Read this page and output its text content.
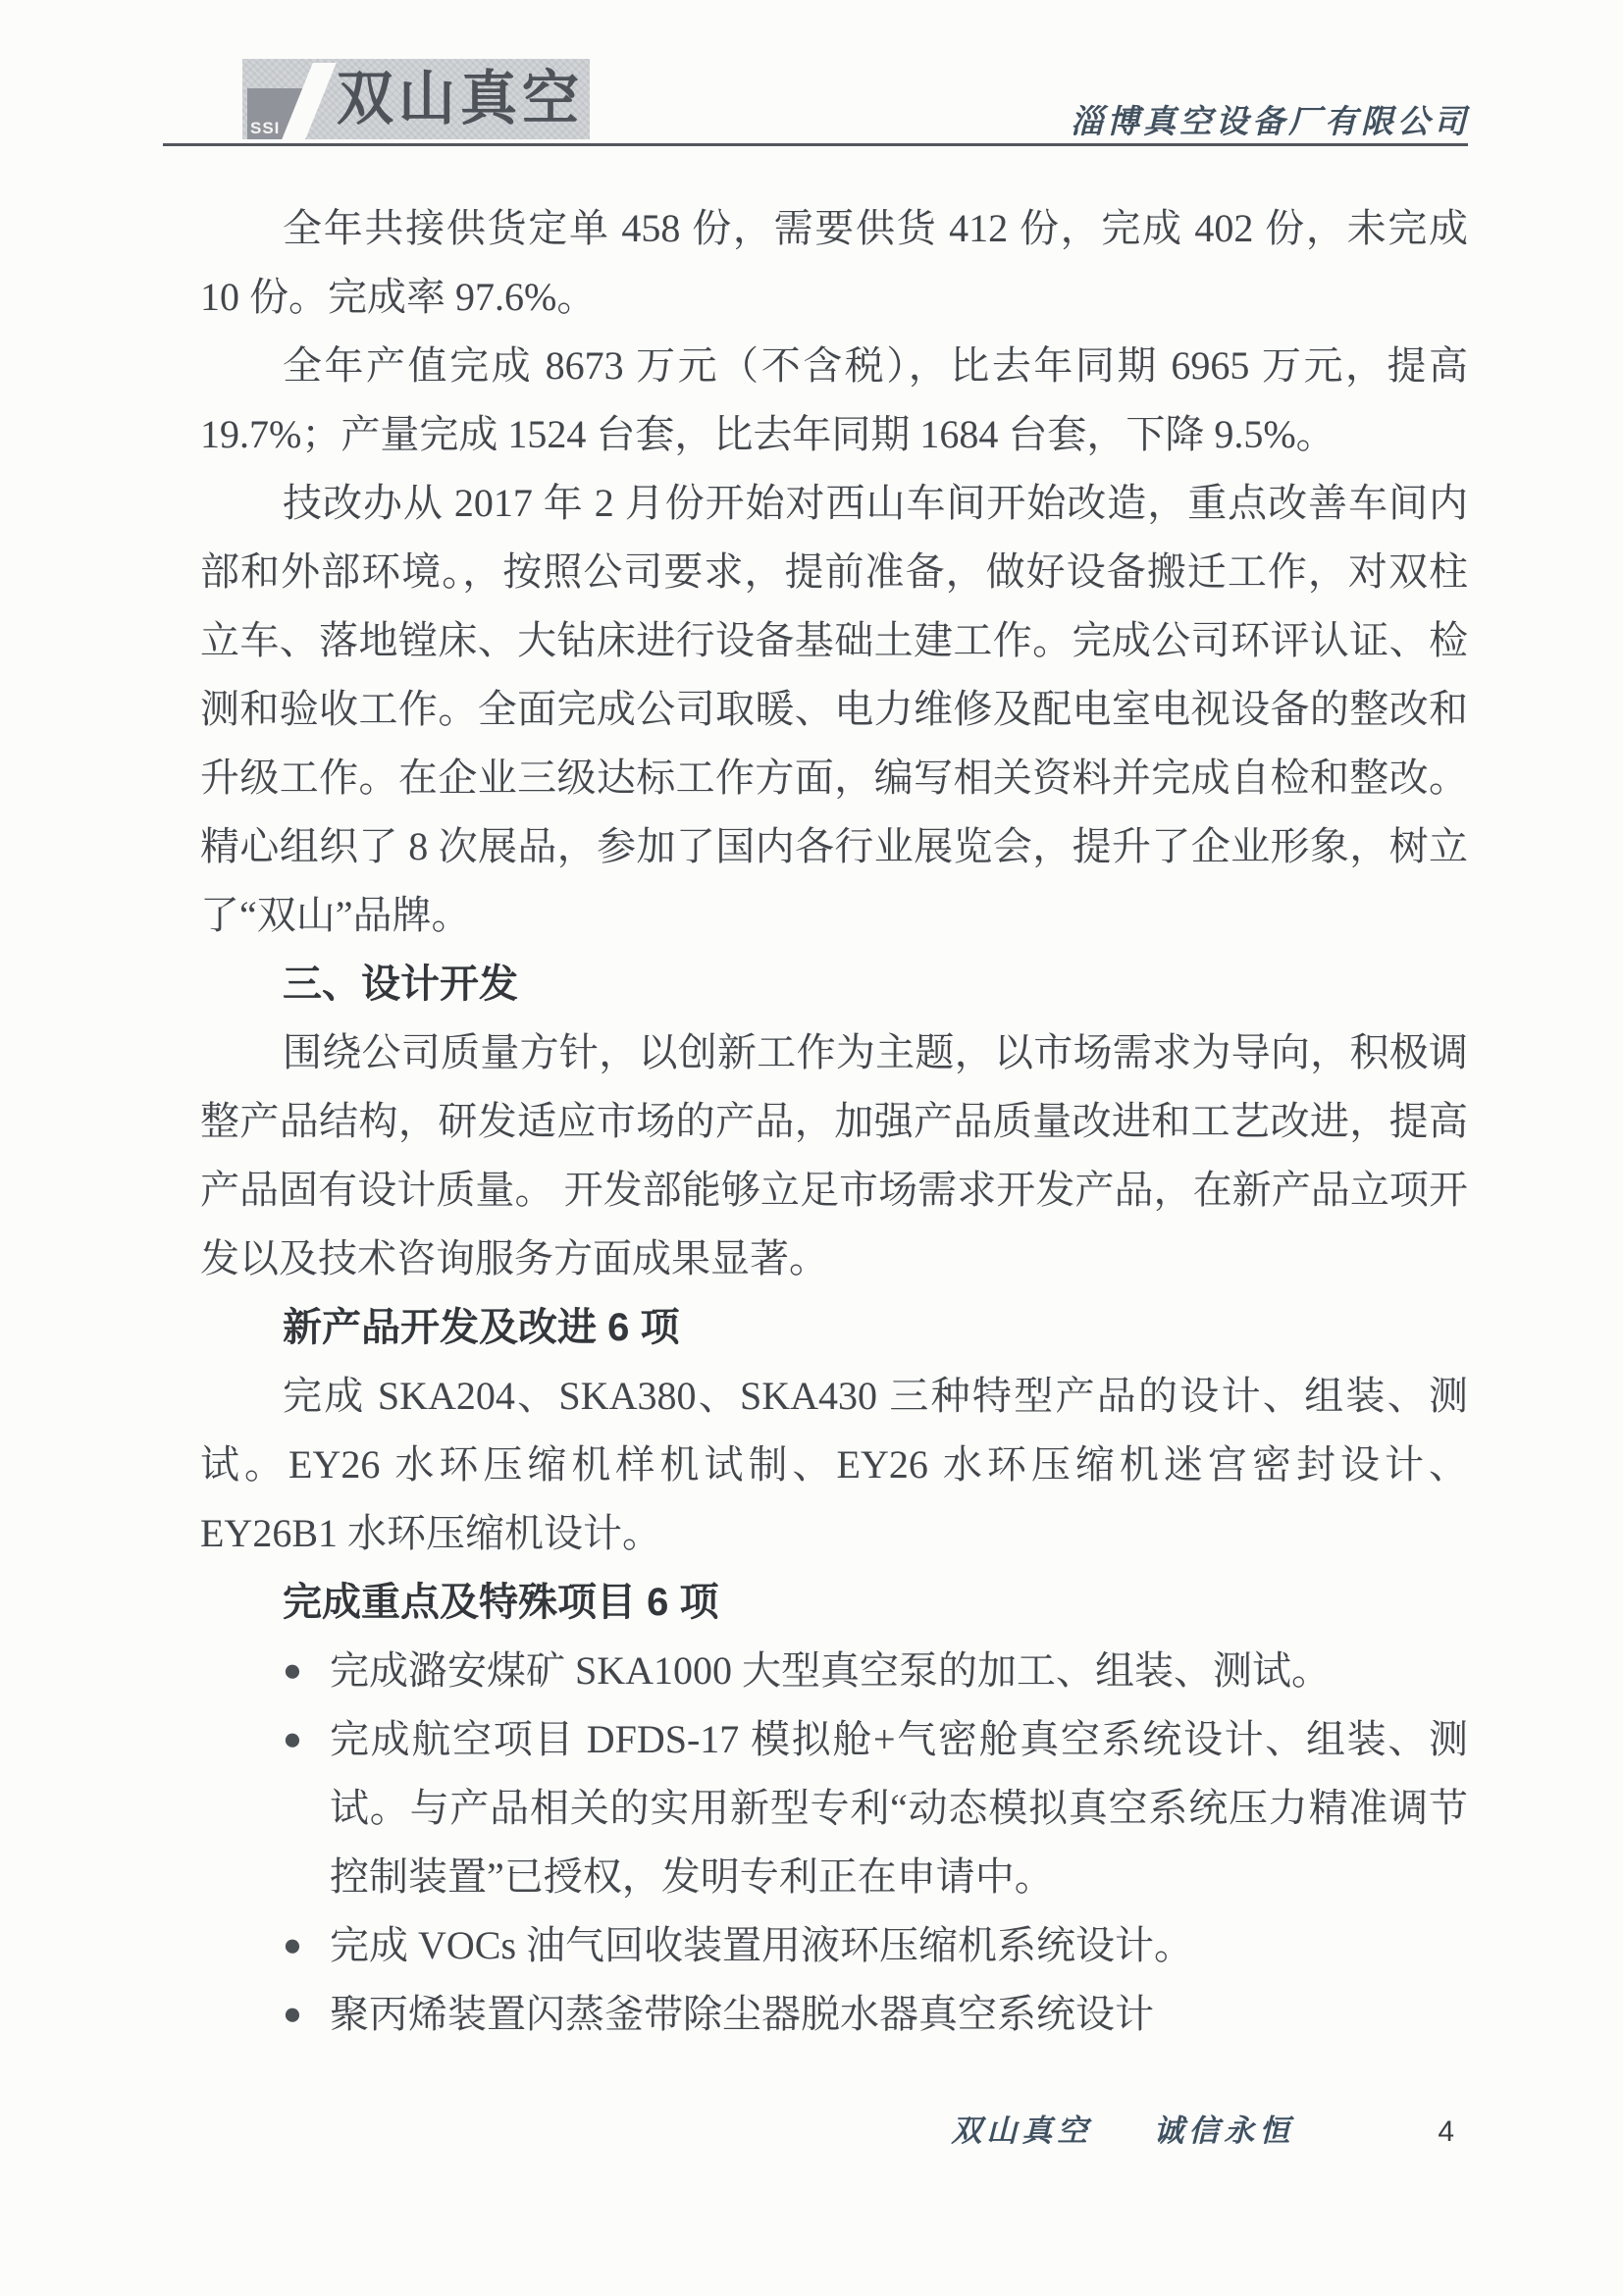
SSI 双山真空	淄博真空设备厂有限公司

全年共接供货定单 458 份，需要供货 412 份，完成 402 份，未完成 10 份。完成率 97.6%。

全年产值完成 8673 万元（不含税），比去年同期 6965 万元，提高 19.7%；产量完成 1524 台套，比去年同期 1684 台套，下降 9.5%。

技改办从 2017 年 2 月份开始对西山车间开始改造，重点改善车间内部和外部环境。，按照公司要求，提前准备，做好设备搬迁工作，对双柱立车、落地镗床、大钻床进行设备基础土建工作。完成公司环评认证、检测和验收工作。全面完成公司取暖、电力维修及配电室电视设备的整改和升级工作。在企业三级达标工作方面，编写相关资料并完成自检和整改。精心组织了 8 次展品，参加了国内各行业展览会，提升了企业形象，树立了“双山”品牌。

三、设计开发

围绕公司质量方针，以创新工作为主题，以市场需求为导向，积极调整产品结构，研发适应市场的产品，加强产品质量改进和工艺改进，提高产品固有设计质量。 开发部能够立足市场需求开发产品，在新产品立项开发以及技术咨询服务方面成果显著。

新产品开发及改进 6 项

完成 SKA204、SKA380、SKA430 三种特型产品的设计、组装、测试。EY26 水环压缩机样机试制、EY26 水环压缩机迷宫密封设计、EY26B1 水环压缩机设计。

完成重点及特殊项目 6 项
● 完成潞安煤矿 SKA1000 大型真空泵的加工、组装、测试。
● 完成航空项目 DFDS-17 模拟舱+气密舱真空系统设计、组装、测试。与产品相关的实用新型专利“动态模拟真空系统压力精准调节控制装置”已授权，发明专利正在申请中。
● 完成 VOCs 油气回收装置用液环压缩机系统设计。
● 聚丙烯装置闪蒸釜带除尘器脱水器真空系统设计
双山真空 诚信永恒	4
